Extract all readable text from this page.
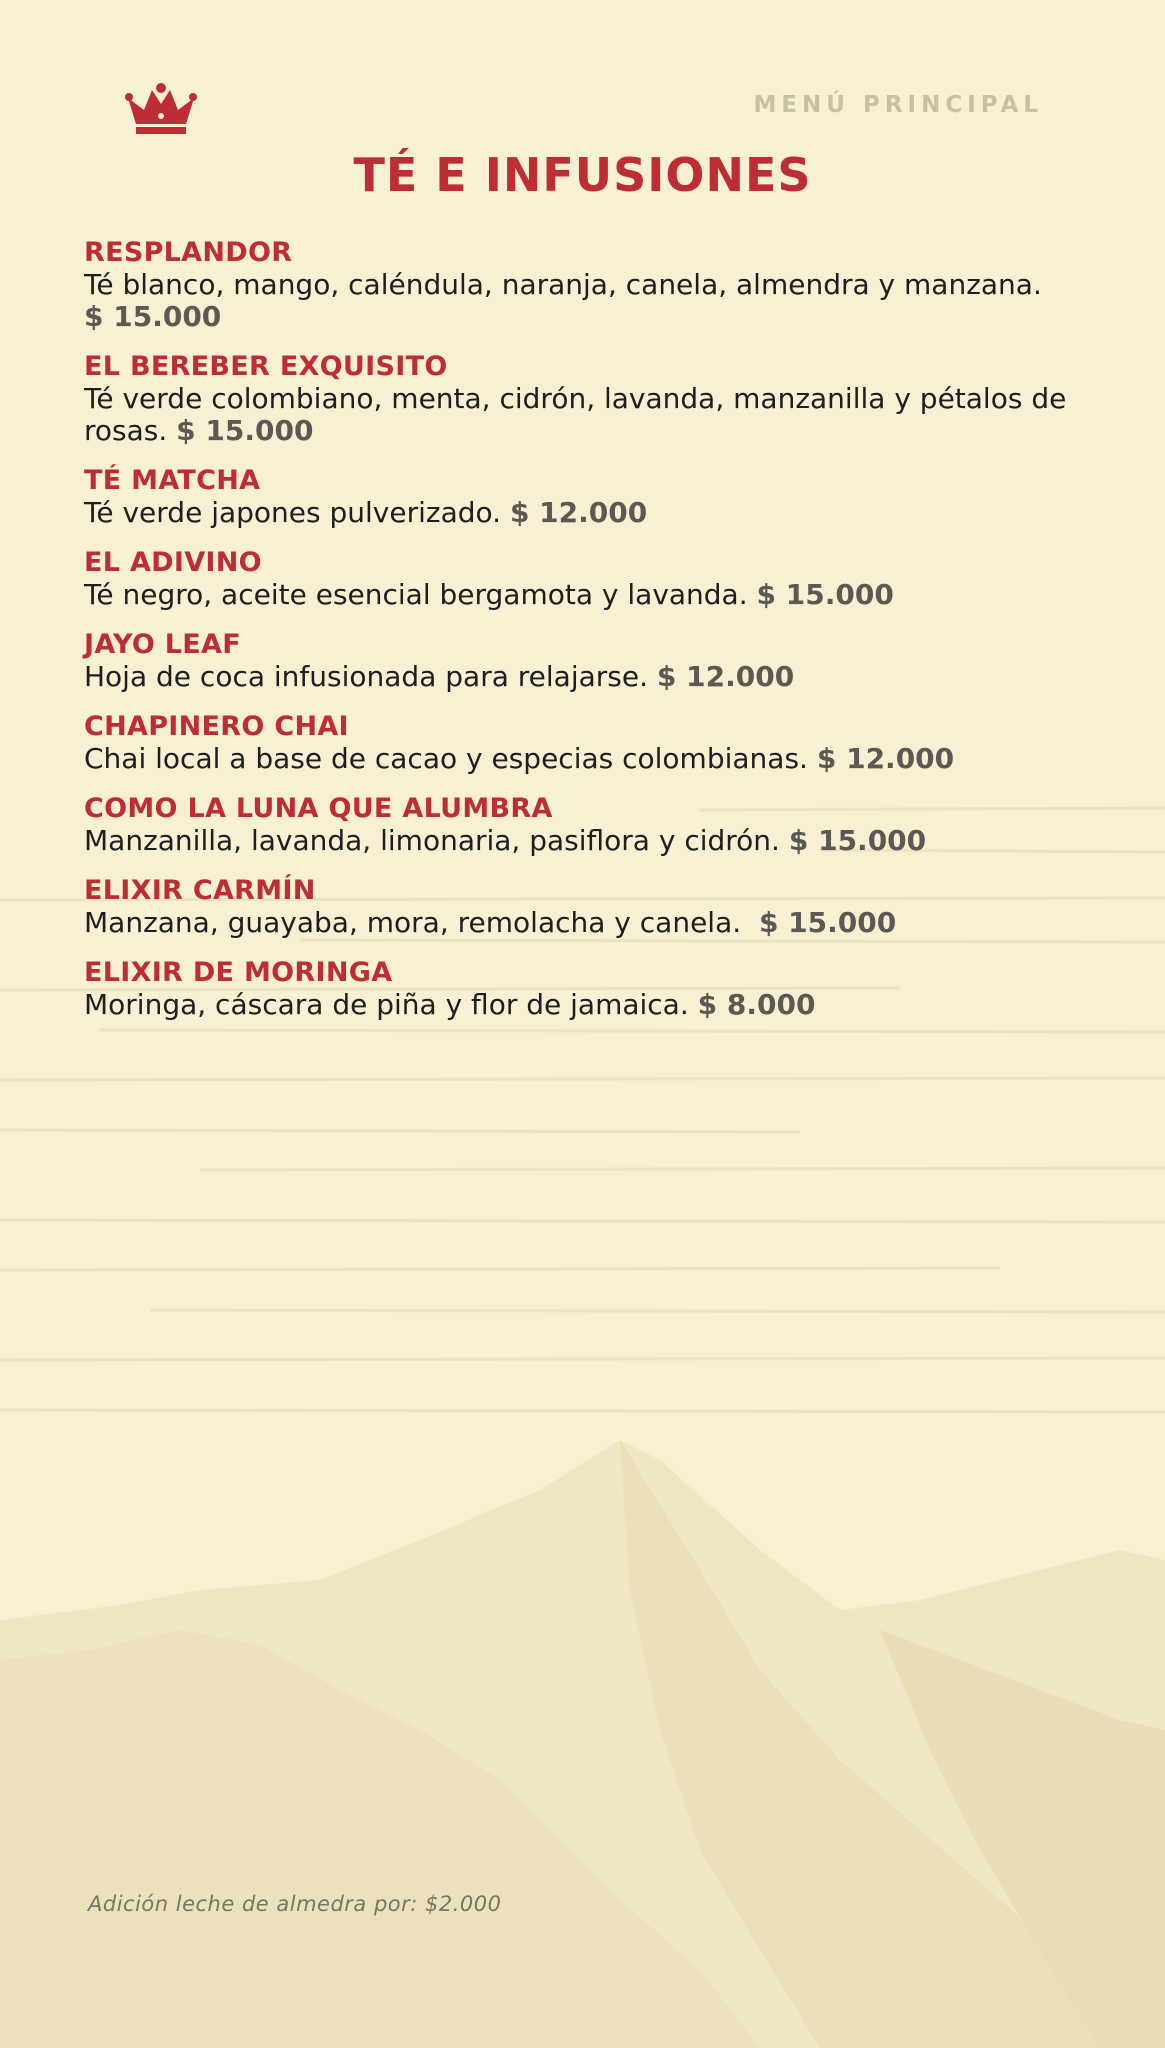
MENÚ PRINCIPAL
TÉ E INFUSIONES
RESPLANDOR
Té blanco, mango, caléndula, naranja, canela, almendra y manzana.
$ 15.000
EL BEREBER EXQUISITO
Té verde colombiano, menta, cidrón, lavanda, manzanilla y pétalos de rosas. $ 15.000
TÉ MATCHA
Té verde japones pulverizado. $ 12.000
EL ADIVINO
Té negro, aceite esencial bergamota y lavanda. $ 15.000
JAYO LEAF
Hoja de coca infusionada para relajarse. $ 12.000
CHAPINERO CHAI
Chai local a base de cacao y especias colombianas. $ 12.000
COMO LA LUNA QUE ALUMBRA
Manzanilla, lavanda, limonaria, pasiflora y cidrón. $ 15.000
ELIXIR CARMÍN
Manzana, guayaba, mora, remolacha y canela. $ 15.000
ELIXIR DE MORINGA
Moringa, cáscara de piña y flor de jamaica. $ 8.000
Adición leche de almedra por: $2.000
